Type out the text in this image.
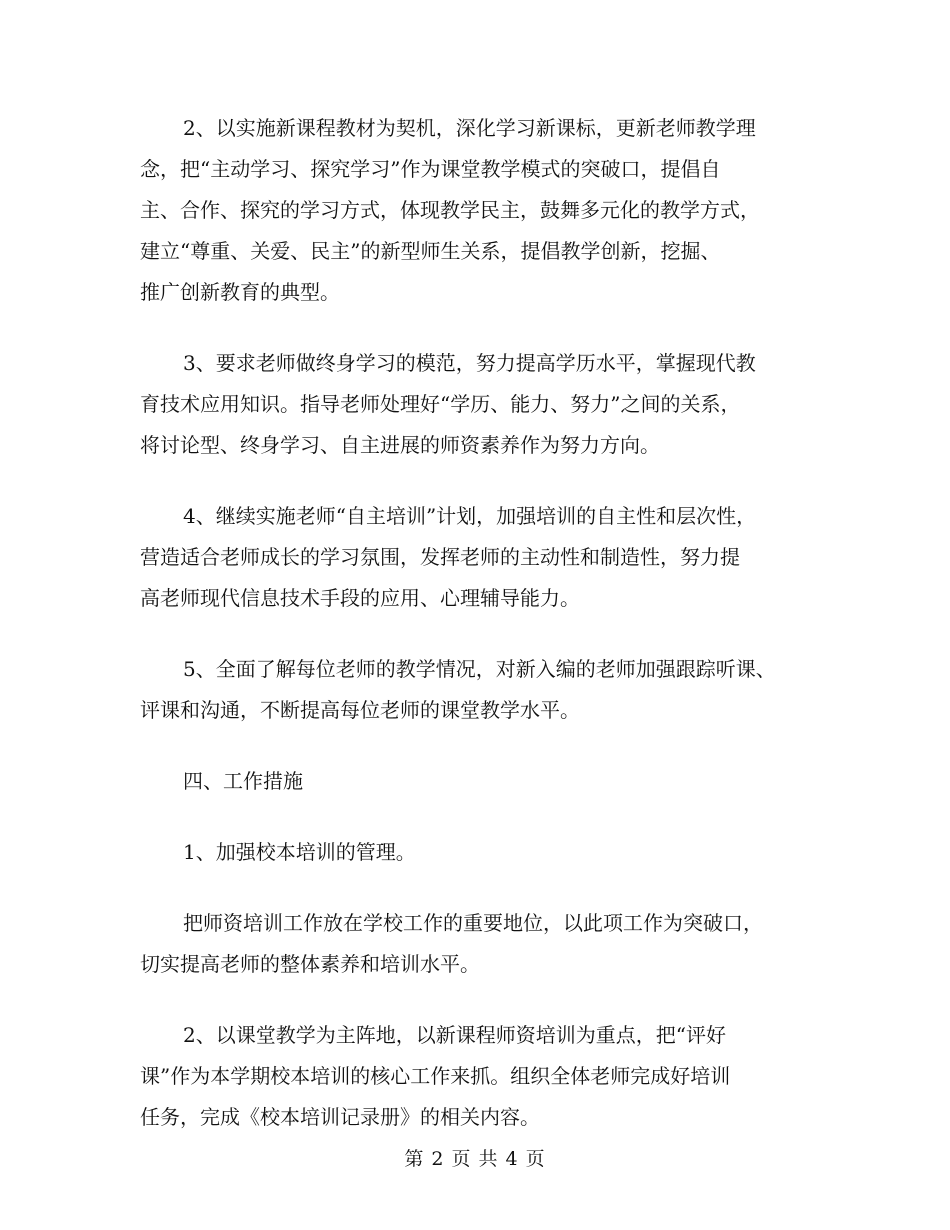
2、以实施新课程教材为契机，深化学习新课标，更新老师教学理
念，把“主动学习、探究学习”作为课堂教学模式的突破口，提倡自
主、合作、探究的学习方式，体现教学民主，鼓舞多元化的教学方式，
建立“尊重、关爱、民主”的新型师生关系，提倡教学创新，挖掘、
推广创新教育的典型。

3、要求老师做终身学习的模范，努力提高学历水平，掌握现代教
育技术应用知识。指导老师处理好“学历、能力、努力”之间的关系，
将讨论型、终身学习、自主进展的师资素养作为努力方向。

4、继续实施老师“自主培训”计划，加强培训的自主性和层次性，
营造适合老师成长的学习氛围，发挥老师的主动性和制造性，努力提
高老师现代信息技术手段的应用、心理辅导能力。

5、全面了解每位老师的教学情况，对新入编的老师加强跟踪听课、
评课和沟通，不断提高每位老师的课堂教学水平。

四、工作措施

1、加强校本培训的管理。

把师资培训工作放在学校工作的重要地位，以此项工作为突破口，
切实提高老师的整体素养和培训水平。

2、以课堂教学为主阵地，以新课程师资培训为重点，把“评好
课”作为本学期校本培训的核心工作来抓。组织全体老师完成好培训
任务，完成《校本培训记录册》的相关内容。

第 2 页 共 4 页
